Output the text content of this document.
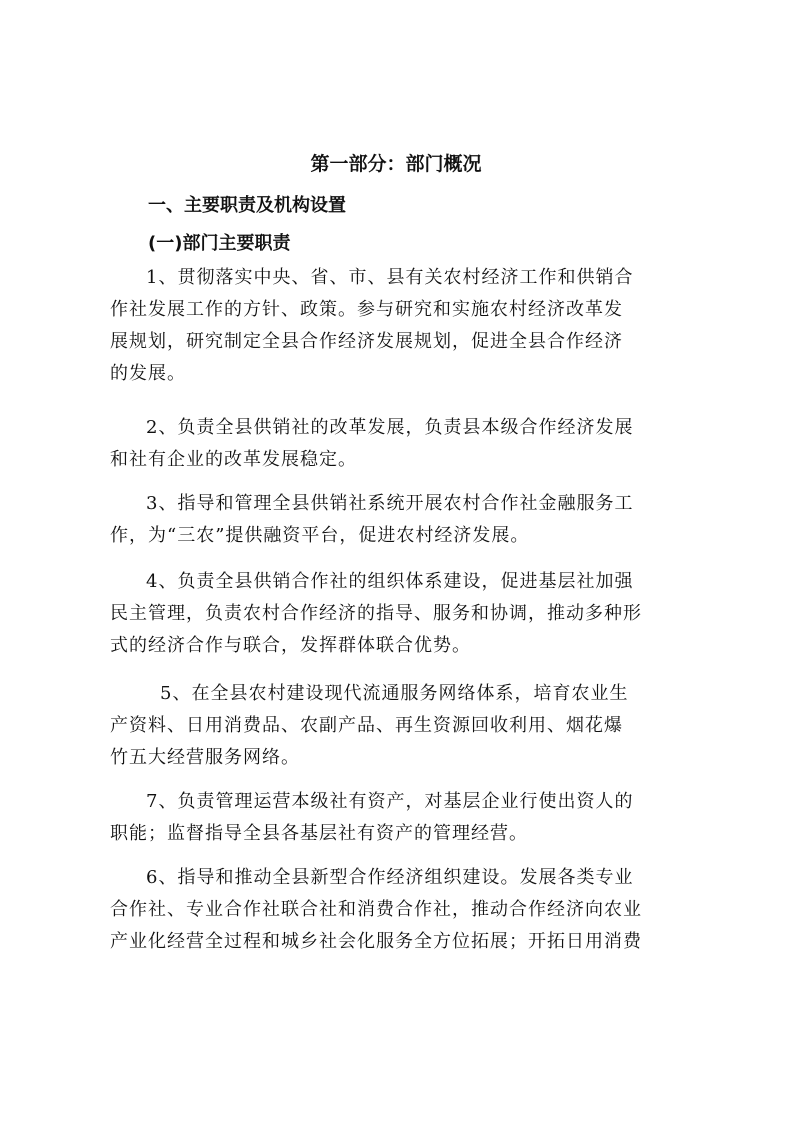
第一部分：部门概况
一、主要职责及机构设置
(一)部门主要职责
1、贯彻落实中央、省、市、县有关农村经济工作和供销合
作社发展工作的方针、政策。参与研究和实施农村经济改革发
展规划，研究制定全县合作经济发展规划，促进全县合作经济
的发展。
2、负责全县供销社的改革发展，负责县本级合作经济发展
和社有企业的改革发展稳定。
3、指导和管理全县供销社系统开展农村合作社金融服务工
作，为“三农”提供融资平台，促进农村经济发展。
4、负责全县供销合作社的组织体系建设，促进基层社加强
民主管理，负责农村合作经济的指导、服务和协调，推动多种形
式的经济合作与联合，发挥群体联合优势。
5、在全县农村建设现代流通服务网络体系，培育农业生
产资料、日用消费品、农副产品、再生资源回收利用、烟花爆
竹五大经营服务网络。
7、负责管理运营本级社有资产，对基层企业行使出资人的
职能；监督指导全县各基层社有资产的管理经营。
6、指导和推动全县新型合作经济组织建设。发展各类专业
合作社、专业合作社联合社和消费合作社，推动合作经济向农业
产业化经营全过程和城乡社会化服务全方位拓展；开拓日用消费
